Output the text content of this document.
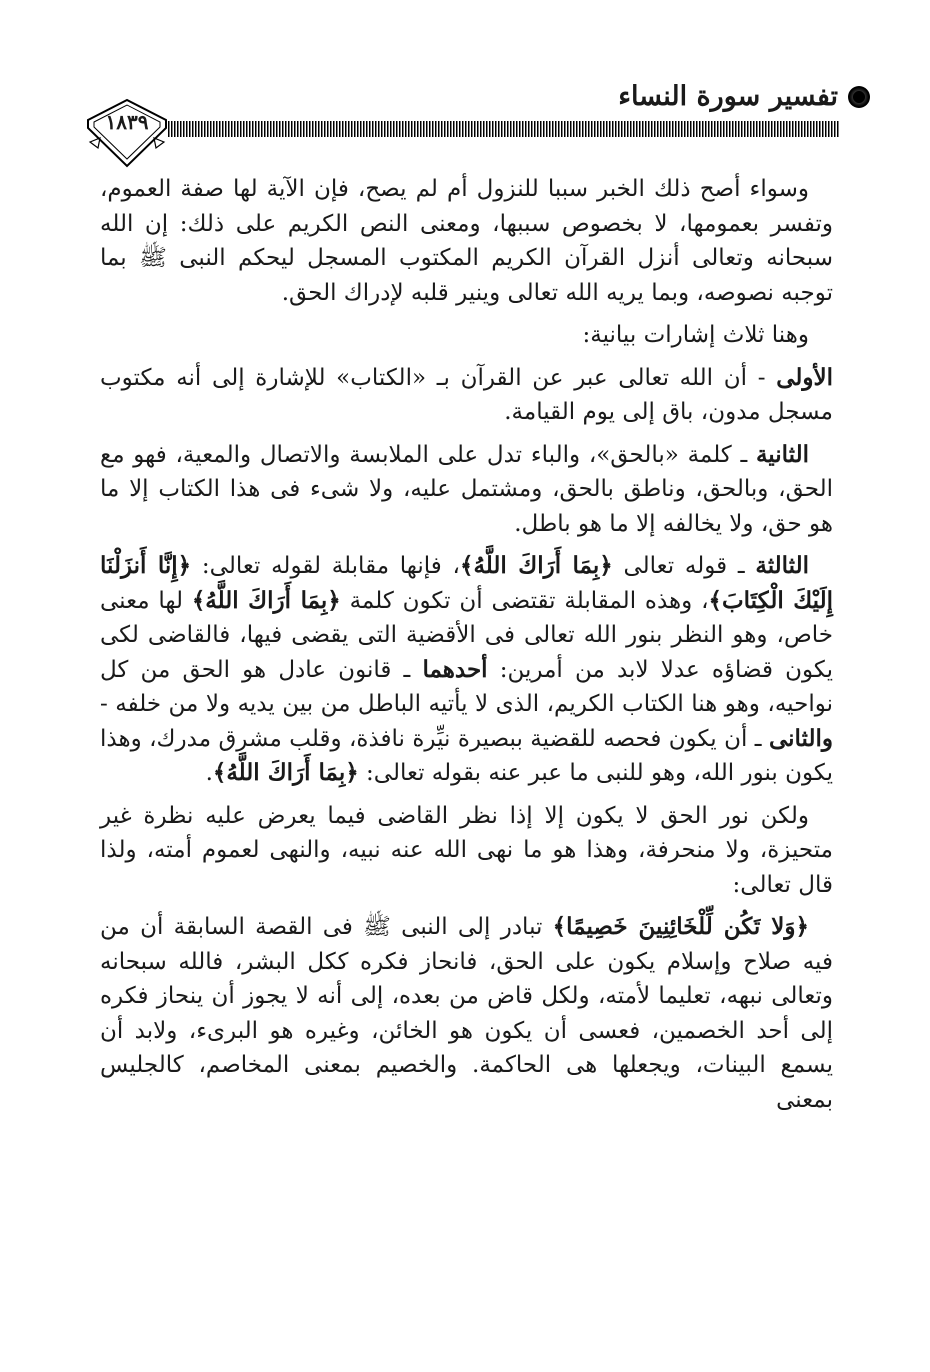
تفسير سورة النساء
١٨٣٩

وسواء أصح ذلك الخبر سببا للنزول أم لم يصح، فإن الآية لها صفة العموم، وتفسر بعمومها، لا بخصوص سببها، ومعنى النص الكريم على ذلك: إن الله سبحانه وتعالى أنزل القرآن الكريم المكتوب المسجل ليحكم النبى ﷺ بما توجبه نصوصه، وبما يريه الله تعالى وينير قلبه لإدراك الحق.

وهنا ثلاث إشارات بيانية:

الأولى - أن الله تعالى عبر عن القرآن بـ «الكتاب» للإشارة إلى أنه مكتوب مسجل مدون، باق إلى يوم القيامة.

الثانية ـ كلمة «بالحق»، والباء تدل على الملابسة والاتصال والمعية، فهو مع الحق، وبالحق، وناطق بالحق، ومشتمل عليه، ولا شىء فى هذا الكتاب إلا ما هو حق، ولا يخالفه إلا ما هو باطل.

الثالثة ـ قوله تعالى ﴿بِمَا أَرَاكَ اللَّهُ﴾، فإنها مقابلة لقوله تعالى: ﴿إِنَّا أَنزَلْنَا إِلَيْكَ الْكِتَابَ﴾، وهذه المقابلة تقتضى أن تكون كلمة ﴿بِمَا أَرَاكَ اللَّهُ﴾ لها معنى خاص، وهو النظر بنور الله تعالى فى الأقضية التى يقضى فيها، فالقاضى لكى يكون قضاؤه عدلا لابد من أمرين: أحدهما ـ قانون عادل هو الحق من كل نواحيه، وهو هنا الكتاب الكريم، الذى لا يأتيه الباطل من بين يديه ولا من خلفه - والثانى ـ أن يكون فحصه للقضية ببصيرة نيِّرة نافذة، وقلب مشرق مدرك، وهذا يكون بنور الله، وهو للنبى ما عبر عنه بقوله تعالى: ﴿بِمَا أَرَاكَ اللَّهُ﴾.

ولكن نور الحق لا يكون إلا إذا نظر القاضى فيما يعرض عليه نظرة غير متحيزة، ولا منحرفة، وهذا هو ما نهى الله عنه نبيه، والنهى لعموم أمته، ولذا قال تعالى:

﴿وَلا تَكُن لِّلْخَائِنِينَ خَصِيمًا﴾ تبادر إلى النبى ﷺ فى القصة السابقة أن من فيه صلاح وإسلام يكون على الحق، فانحاز فكره ككل البشر، فالله سبحانه وتعالى نبهه، تعليما لأمته، ولكل قاض من بعده، إلى أنه لا يجوز أن ينحاز فكره إلى أحد الخصمين، فعسى أن يكون هو الخائن، وغيره هو البرىء، ولابد أن يسمع البينات، ويجعلها هى الحاكمة. والخصيم بمعنى المخاصم، كالجليس بمعنى
